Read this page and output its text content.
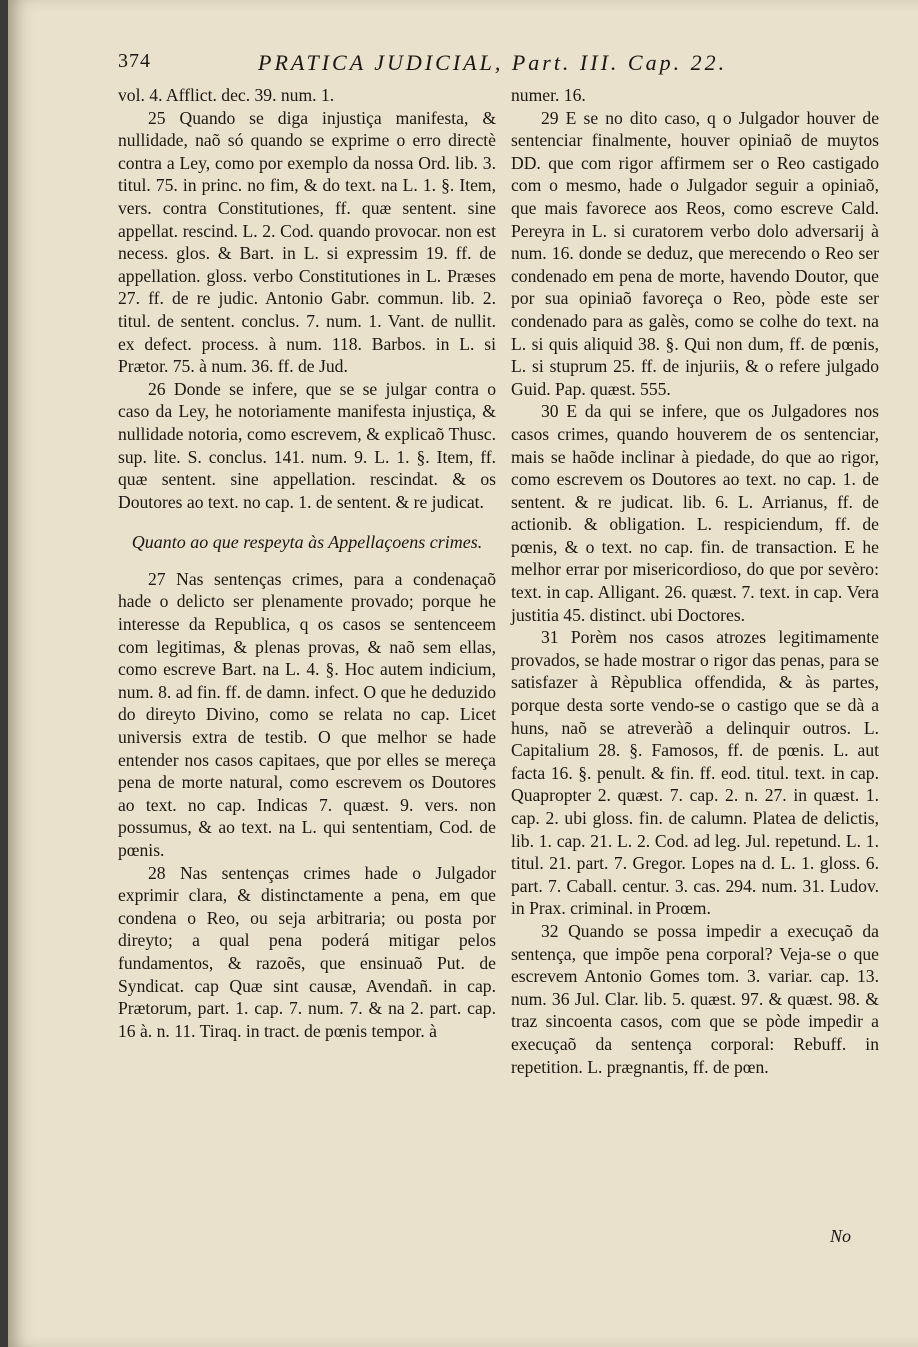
374	PRATICA JUDICIAL, Part. III. Cap. 22.

vol. 4. Afflict. dec. 39. num. 1.

25 Quando se diga injustiça manifesta, & nullidade, naõ só quando se exprime o erro directè contra a Ley, como por exemplo da nossa Ord. lib. 3. titul. 75. in princ. no fim, & do text. na L. 1. §. Item, vers. contra Constitutiones, ff. quæ sentent. sine appellat. rescind. L. 2. Cod. quando provocar. non est necess. glos. & Bart. in L. si expressim 19. ff. de appellation. gloss. verbo Constitutiones in L. Præses 27. ff. de re judic. Antonio Gabr. commun. lib. 2. titul. de sentent. conclus. 7. num. 1. Vant. de nullit. ex defect. process. à num. 118. Barbos. in L. si Prætor. 75. à num. 36. ff. de Jud.

26 Donde se infere, que se se julgar contra o caso da Ley, he notoriamente manifesta injustiça, & nullidade notoria, como escrevem, & explicaõ Thusc. sup. lite. S. conclus. 141. num. 9. L. 1. §. Item, ff. quæ sentent. sine appellation. rescindat. & os Doutores ao text. no cap. 1. de sentent. & re judicat.

Quanto ao que respeyta às Appellaçoens crimes.

27 Nas sentenças crimes, para a condenaçaõ hade o delicto ser plenamente provado; porque he interesse da Republica, q os casos se sentenceem com legitimas, & plenas provas, & naõ sem ellas, como escreve Bart. na L. 4. §. Hoc autem indicium, num. 8. ad fin. ff. de damn. infect. O que he deduzido do direyto Divino, como se relata no cap. Licet universis extra de testib. O que melhor se hade entender nos casos capitaes, que por elles se mereça pena de morte natural, como escrevem os Doutores ao text. no cap. Indicas 7. quæst. 9. vers. non possumus, & ao text. na L. qui sententiam, Cod. de pœnis.

28 Nas sentenças crimes hade o Julgador exprimir clara, & distinctamente a pena, em que condena o Reo, ou seja arbitraria; ou posta por direyto; a qual pena poderá mitigar pelos fundamentos, & razoẽs, que ensinuaõ Put. de Syndicat. cap Quæ sint causæ, Avendañ. in cap. Prætorum, part. 1. cap. 7. num. 7. & na 2. part. cap. 16 à. n. 11. Tiraq. in tract. de pœnis tempor. à

numer. 16.

29 E se no dito caso, q o Julgador houver de sentenciar finalmente, houver opiniaõ de muytos DD. que com rigor affirmem ser o Reo castigado com o mesmo, hade o Julgador seguir a opiniaõ, que mais favorece aos Reos, como escreve Cald. Pereyra in L. si curatorem verbo dolo adversarij à num. 16. donde se deduz, que merecendo o Reo ser condenado em pena de morte, havendo Doutor, que por sua opiniaõ favoreça o Reo, pòde este ser condenado para as galès, como se colhe do text. na L. si quis aliquid 38. §. Qui non dum, ff. de pœnis, L. si stuprum 25. ff. de injuriis, & o refere julgado Guid. Pap. quæst. 555.

30 E da qui se infere, que os Julgadores nos casos crimes, quando houverem de os sentenciar, mais se haõde inclinar à piedade, do que ao rigor, como escrevem os Doutores ao text. no cap. 1. de sentent. & re judicat. lib. 6. L. Arrianus, ff. de actionib. & obligation. L. respiciendum, ff. de pœnis, & o text. no cap. fin. de transaction. E he melhor errar por misericordioso, do que por sevèro: text. in cap. Alligant. 26. quæst. 7. text. in cap. Vera justitia 45. distinct. ubi Doctores.

31 Porèm nos casos atrozes legitimamente provados, se hade mostrar o rigor das penas, para se satisfazer à Rèpublica offendida, & às partes, porque desta sorte vendo-se o castigo que se dà a huns, naõ se atreveràõ a delinquir outros. L. Capitalium 28. §. Famosos, ff. de pœnis. L. aut facta 16. §. penult. & fin. ff. eod. titul. text. in cap. Quapropter 2. quæst. 7. cap. 2. n. 27. in quæst. 1. cap. 2. ubi gloss. fin. de calumn. Platea de delictis, lib. 1. cap. 21. L. 2. Cod. ad leg. Jul. repetund. L. 1. titul. 21. part. 7. Gregor. Lopes na d. L. 1. gloss. 6. part. 7. Caball. centur. 3. cas. 294. num. 31. Ludov. in Prax. criminal. in Proœm.

32 Quando se possa impedir a execuçaõ da sentença, que impõe pena corporal? Veja-se o que escrevem Antonio Gomes tom. 3. variar. cap. 13. num. 36 Jul. Clar. lib. 5. quæst. 97. & quæst. 98. & traz sincoenta casos, com que se pòde impedir a execuçaõ da sentença corporal: Rebuff. in repetition. L. prægnantis, ff. de pœn.

No
